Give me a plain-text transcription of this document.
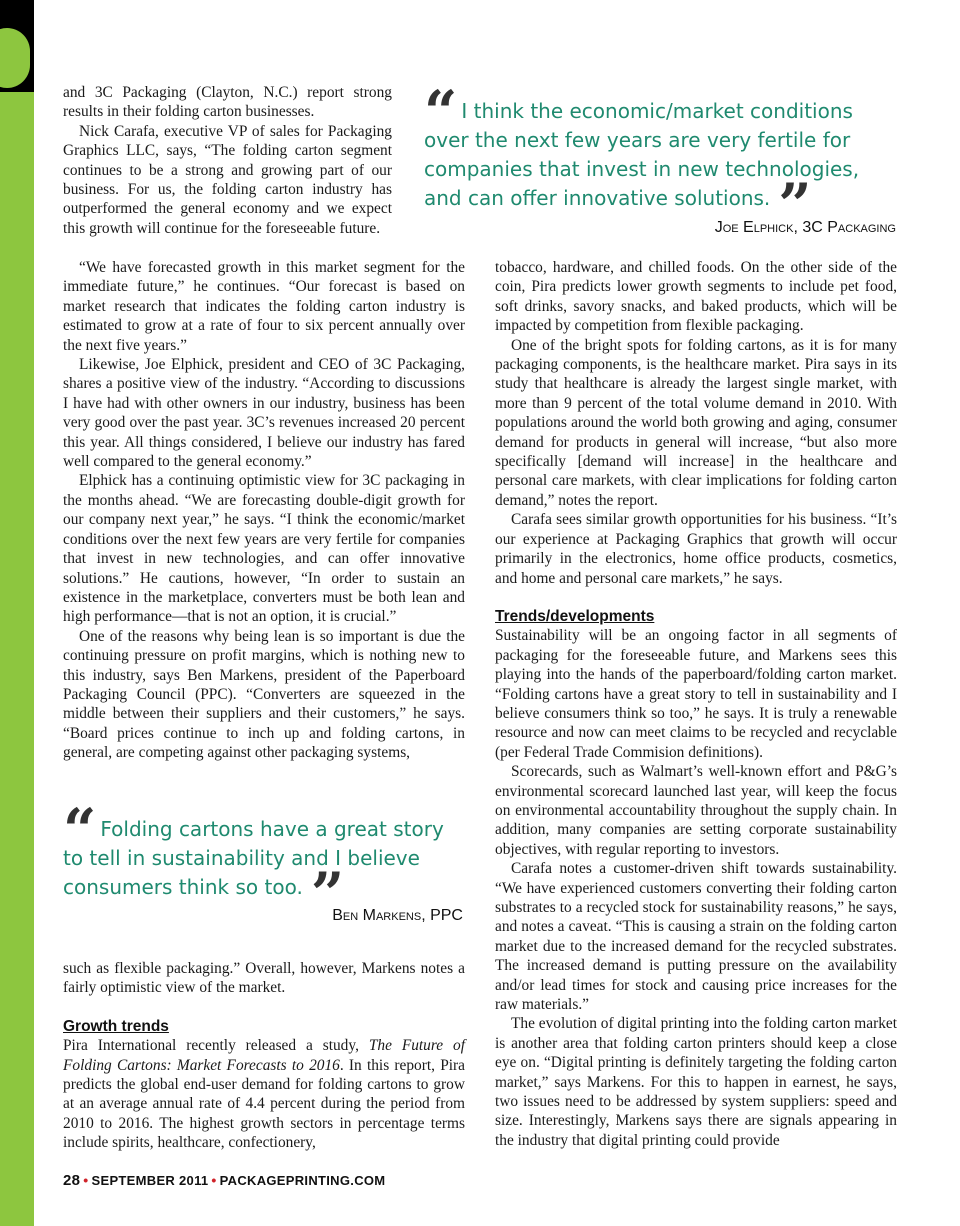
and 3C Packaging (Clayton, N.C.) report strong results in their folding carton businesses.

Nick Carafa, executive VP of sales for Packaging Graphics LLC, says, “The folding carton segment continues to be a strong and growing part of our business. For us, the folding carton industry has outperformed the general economy and we expect this growth will continue for the foreseeable future.

“ I think the economic/market conditions over the next few years are very fertile for companies that invest in new technologies, and can offer innovative solutions. ”
Joe Elphick, 3C Packaging

“We have forecasted growth in this market segment for the immediate future,” he continues. “Our forecast is based on market research that indicates the folding carton industry is estimated to grow at a rate of four to six percent annually over the next five years.”

Likewise, Joe Elphick, president and CEO of 3C Packaging, shares a positive view of the industry. “According to discussions I have had with other owners in our industry, business has been very good over the past year. 3C’s revenues increased 20 percent this year. All things considered, I believe our industry has fared well compared to the general economy.”

Elphick has a continuing optimistic view for 3C packaging in the months ahead. “We are forecasting double-digit growth for our company next year,” he says. “I think the economic/market conditions over the next few years are very fertile for companies that invest in new technologies, and can offer innovative solutions.” He cautions, however, “In order to sustain an existence in the marketplace, converters must be both lean and high performance—that is not an option, it is crucial.”

One of the reasons why being lean is so important is due the continuing pressure on profit margins, which is nothing new to this industry, says Ben Markens, president of the Paperboard Packaging Council (PPC). “Converters are squeezed in the middle between their suppliers and their customers,” he says. “Board prices continue to inch up and folding cartons, in general, are competing against other packaging systems,

“ Folding cartons have a great story to tell in sustainability and I believe consumers think so too. ”
Ben Markens, PPC

such as flexible packaging.” Overall, however, Markens notes a fairly optimistic view of the market.

Growth trends

Pira International recently released a study, The Future of Folding Cartons: Market Forecasts to 2016. In this report, Pira predicts the global end-user demand for folding cartons to grow at an average annual rate of 4.4 percent during the period from 2010 to 2016. The highest growth sectors in percentage terms include spirits, healthcare, confectionery,

tobacco, hardware, and chilled foods. On the other side of the coin, Pira predicts lower growth segments to include pet food, soft drinks, savory snacks, and baked products, which will be impacted by competition from flexible packaging.

One of the bright spots for folding cartons, as it is for many packaging components, is the healthcare market. Pira says in its study that healthcare is already the largest single market, with more than 9 percent of the total volume demand in 2010. With populations around the world both growing and aging, consumer demand for products in general will increase, “but also more specifically [demand will increase] in the healthcare and personal care markets, with clear implications for folding carton demand,” notes the report.

Carafa sees similar growth opportunities for his business. “It’s our experience at Packaging Graphics that growth will occur primarily in the electronics, home office products, cosmetics, and home and personal care markets,” he says.

Trends/developments

Sustainability will be an ongoing factor in all segments of packaging for the foreseeable future, and Markens sees this playing into the hands of the paperboard/folding carton market. “Folding cartons have a great story to tell in sustainability and I believe consumers think so too,” he says. It is truly a renewable resource and now can meet claims to be recycled and recyclable (per Federal Trade Commision definitions).

Scorecards, such as Walmart’s well-known effort and P&G’s environmental scorecard launched last year, will keep the focus on environmental accountability throughout the supply chain. In addition, many companies are setting corporate sustainability objectives, with regular reporting to investors.

Carafa notes a customer-driven shift towards sustainability. “We have experienced customers converting their folding carton substrates to a recycled stock for sustainability reasons,” he says, and notes a caveat. “This is causing a strain on the folding carton market due to the increased demand for the recycled substrates. The increased demand is putting pressure on the availability and/or lead times for stock and causing price increases for the raw materials.”

The evolution of digital printing into the folding carton market is another area that folding carton printers should keep a close eye on. “Digital printing is definitely targeting the folding carton market,” says Markens. For this to happen in earnest, he says, two issues need to be addressed by system suppliers: speed and size. Interestingly, Markens says there are signals appearing in the industry that digital printing could provide

28 • SEPTEMBER 2011 • PACKAGEPRINTING.COM
